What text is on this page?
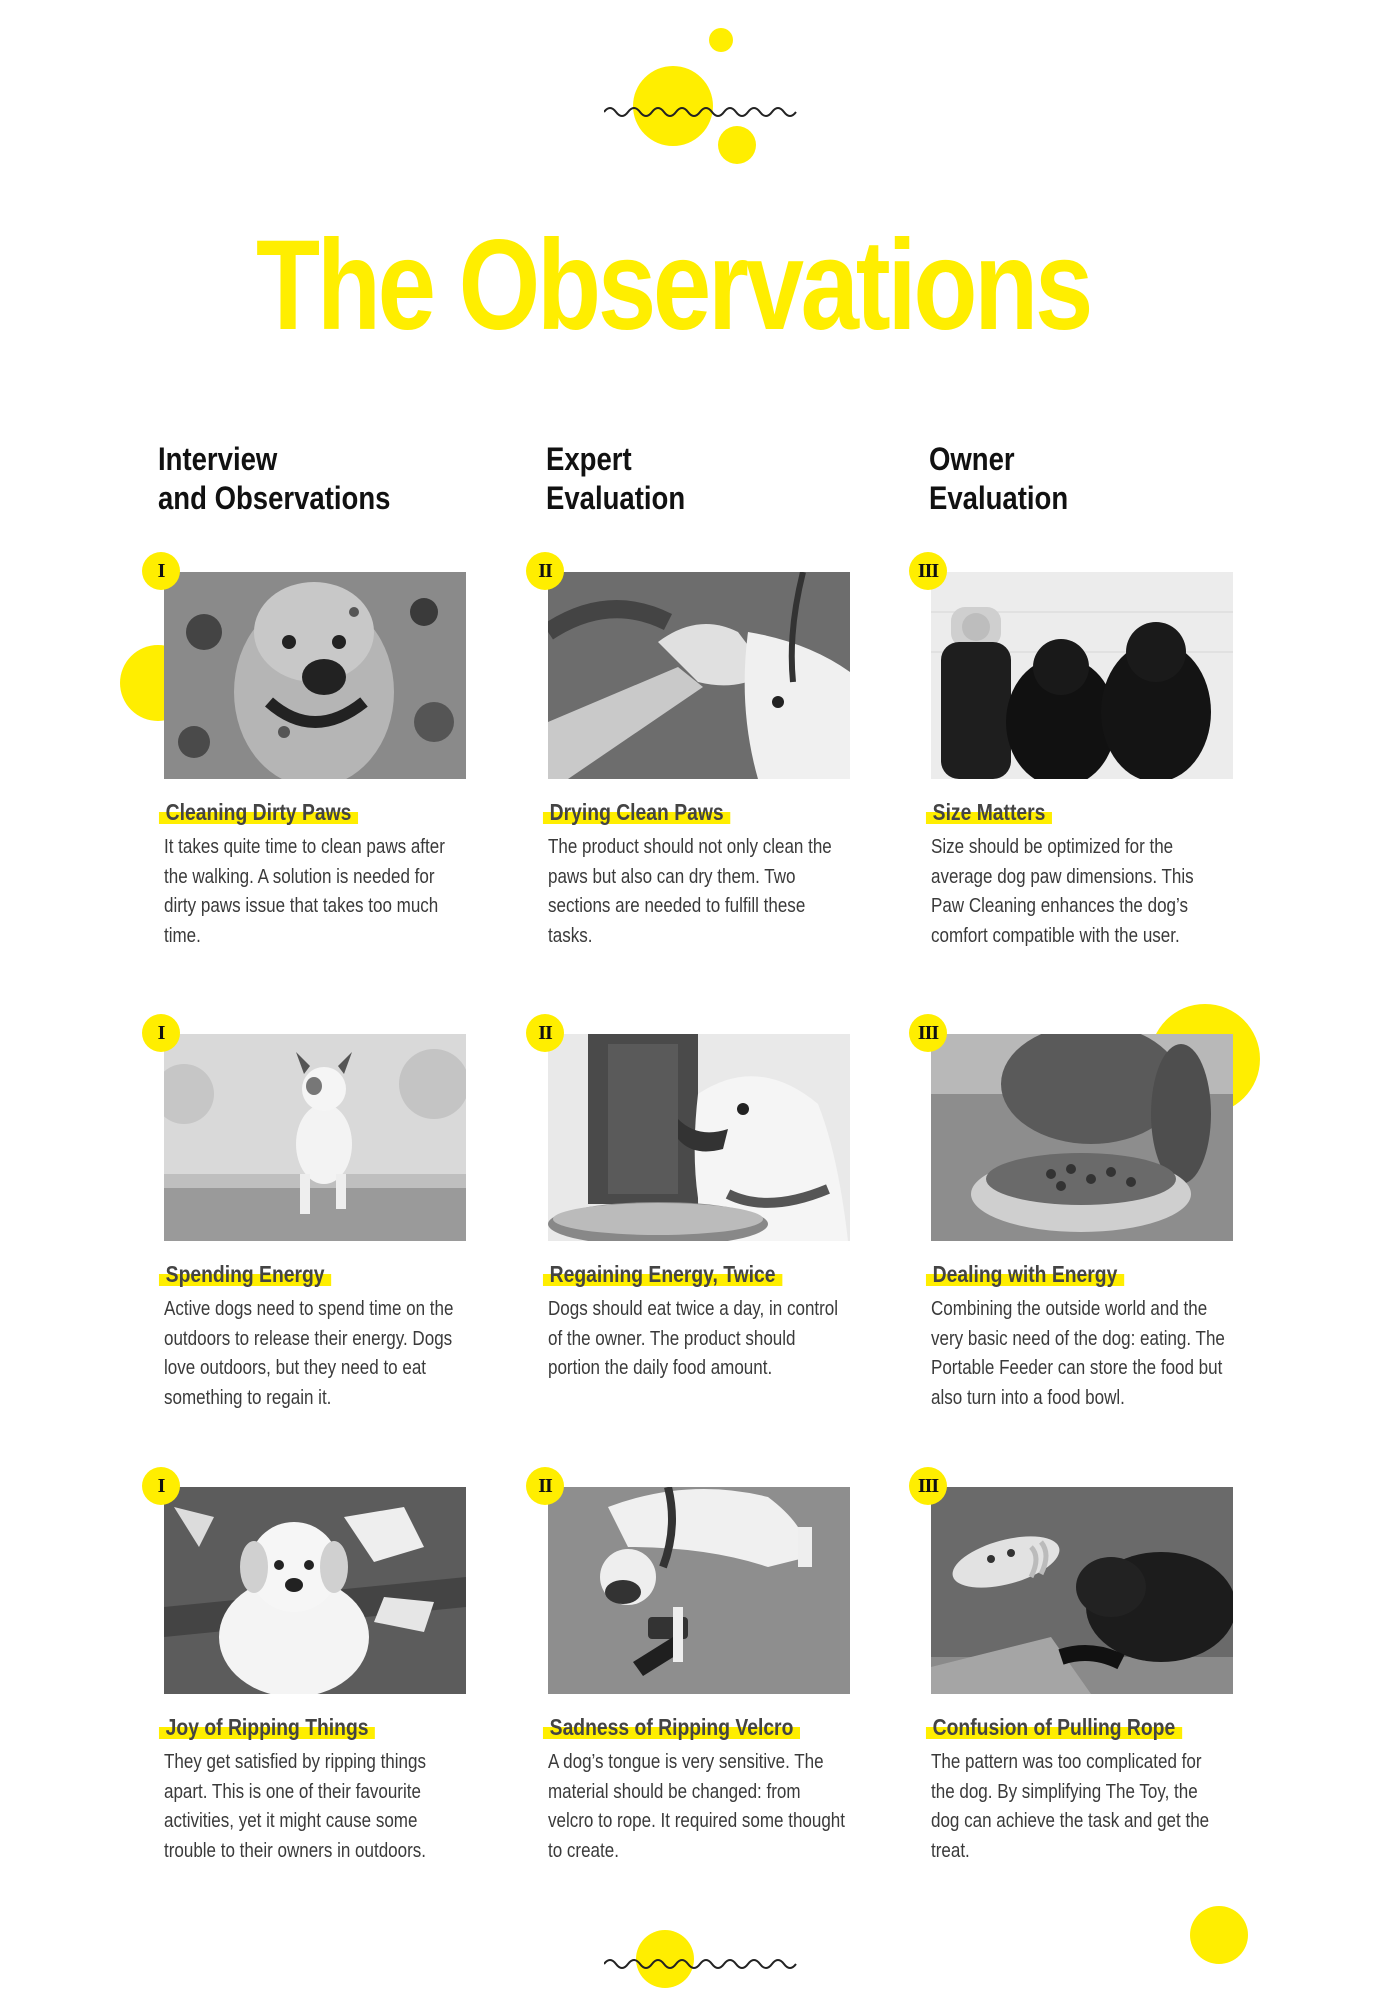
The Observations
Interview
and Observations
Expert
Evaluation
Owner
Evaluation
I
Cleaning Dirty Paws
It takes quite time to clean paws after the walking. A solution is needed for dirty paws issue that takes too much time.
II
Drying Clean Paws
The product should not only clean the paws but also can dry them. Two sections are needed to fulfill these tasks.
III
Size Matters
Size should be optimized for the average dog paw dimensions. This Paw Cleaning enhances the dog’s comfort compatible with the user.
I
Spending Energy
Active dogs need to spend time on the outdoors to release their energy. Dogs love outdoors, but they need to eat something to regain it.
II
Regaining Energy, Twice
Dogs should eat twice a day, in control of the owner. The product should portion the daily food amount.
III
Dealing with Energy
Combining the outside world and the very basic need of the dog: eating. The Portable Feeder can store the food but also turn into a food bowl.
I
Joy of Ripping Things
They get satisfied by ripping things apart. This is one of their favourite activities, yet it might cause some trouble to their owners in outdoors.
II
Sadness of Ripping Velcro
A dog’s tongue is very sensitive. The material should be changed: from velcro to rope. It required some thought to create.
III
Confusion of Pulling Rope
The pattern was too complicated for the dog. By simplifying The Toy, the dog can achieve the task and get the treat.
